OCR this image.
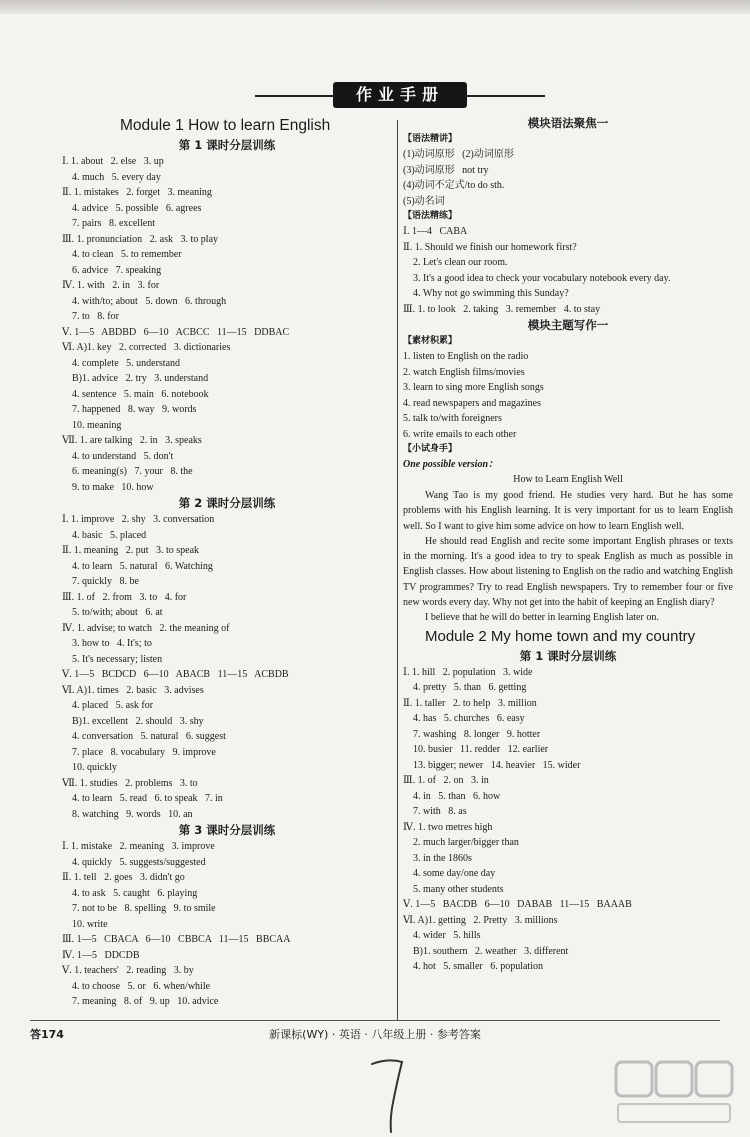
作业手册
Module 1 How to learn English
第 1 课时分层训练
Ⅰ. 1. about   2. else   3. up
4. much   5. every day
Ⅱ. 1. mistakes   2. forget   3. meaning
4. advice   5. possible   6. agrees
7. pairs   8. excellent
Ⅲ. 1. pronunciation   2. ask   3. to play
4. to clean   5. to remember
6. advice   7. speaking
Ⅳ. 1. with   2. in   3. for
4. with/to; about   5. down   6. through
7. to   8. for
Ⅴ. 1—5   ABDBD   6—10   ACBCC   11—15   DDBAC
Ⅵ. A)1. key   2. corrected   3. dictionaries
4. complete   5. understand
B)1. advice   2. try   3. understand
4. sentence   5. main   6. notebook
7. happened   8. way   9. words
10. meaning
Ⅶ. 1. are talking   2. in   3. speaks
4. to understand   5. don't
6. meaning(s)   7. your   8. the
9. to make   10. how
第 2 课时分层训练
Ⅰ. 1. improve   2. shy   3. conversation
4. basic   5. placed
Ⅱ. 1. meaning   2. put   3. to speak
4. to learn   5. natural   6. Watching
7. quickly   8. be
Ⅲ. 1. of   2. from   3. to   4. for
5. to/with; about   6. at
Ⅳ. 1. advise; to watch   2. the meaning of
3. how to   4. It's; to
5. It's necessary; listen
Ⅴ. 1—5   BCDCD   6—10   ABACB   11—15   ACBDB
Ⅵ. A)1. times   2. basic   3. advises
4. placed   5. ask for
B)1. excellent   2. should   3. shy
4. conversation   5. natural   6. suggest
7. place   8. vocabulary   9. improve
10. quickly
Ⅶ. 1. studies   2. problems   3. to
4. to learn   5. read   6. to speak   7. in
8. watching   9. words   10. an
第 3 课时分层训练
Ⅰ. 1. mistake   2. meaning   3. improve
4. quickly   5. suggests/suggested
Ⅱ. 1. tell   2. goes   3. didn't go
4. to ask   5. caught   6. playing
7. not to be   8. spelling   9. to smile
10. write
Ⅲ. 1—5   CBACA   6—10   CBBCA   11—15   BBCAA
Ⅳ. 1—5   DDCDB
Ⅴ. 1. teachers'   2. reading   3. by
4. to choose   5. or   6. when/while
7. meaning   8. of   9. up   10. advice
模块语法聚焦一
【语法精讲】
(1)动词原形   (2)动词原形
(3)动词原形   not try
(4)动词不定式/to do sth.
(5)动名词
【语法精练】
Ⅰ. 1—4   CABA
Ⅱ. 1. Should we finish our homework first?
2. Let's clean our room.
3. It's a good idea to check your vocabulary notebook every day.
4. Why not go swimming this Sunday?
Ⅲ. 1. to look   2. taking   3. remember   4. to stay
模块主题写作一
【素材积累】
1. listen to English on the radio
2. watch English films/movies
3. learn to sing more English songs
4. read newspapers and magazines
5. talk to/with foreigners
6. write emails to each other
【小试身手】
One possible version：
How to Learn English Well
Wang Tao is my good friend. He studies very hard. But he has some problems with his English learning. It is very important for us to learn English well. So I want to give him some advice on how to learn English well.
He should read English and recite some important English phrases or texts in the morning. It's a good idea to try to speak English as much as possible in English classes. How about listening to English on the radio and watching English TV programmes? Try to read English newspapers. Try to remember four or five new words every day. Why not get into the habit of keeping an English diary?
I believe that he will do better in learning English later on.
Module 2 My home town and my country
第 1 课时分层训练
Ⅰ. 1. hill   2. population   3. wide
4. pretty   5. than   6. getting
Ⅱ. 1. taller   2. to help   3. million
4. has   5. churches   6. easy
7. washing   8. longer   9. hotter
10. busier   11. redder   12. earlier
13. bigger; newer   14. heavier   15. wider
Ⅲ. 1. of   2. on   3. in
4. in   5. than   6. how
7. with   8. as
Ⅳ. 1. two metres high
2. much larger/bigger than
3. in the 1860s
4. some day/one day
5. many other students
Ⅴ. 1—5   BACDB   6—10   DABAB   11—15   BAAAB
Ⅵ. A)1. getting   2. Pretty   3. millions
4. wider   5. hills
B)1. southern   2. weather   3. different
4. hot   5. smaller   6. population
答174	新课标(WY) · 英语 · 八年级上册 · 参考答案
